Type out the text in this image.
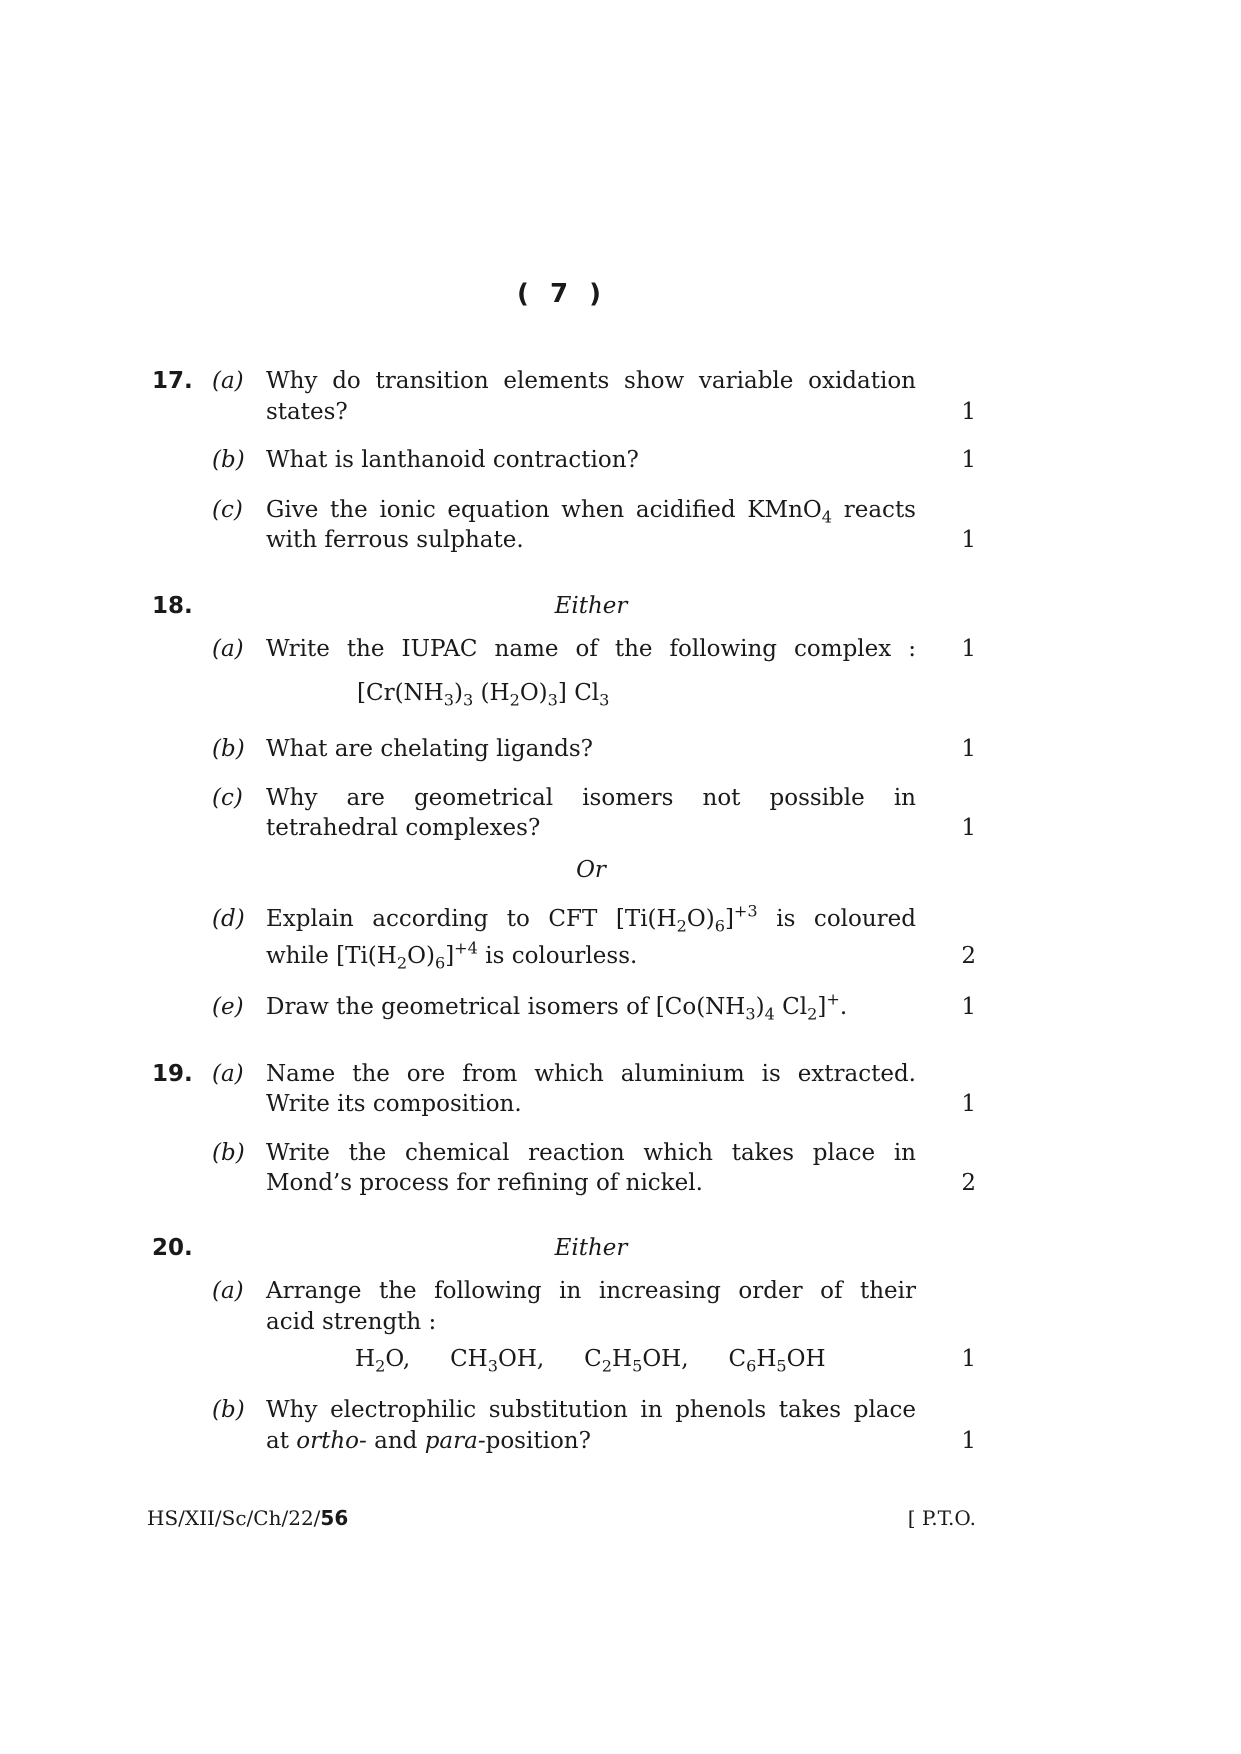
( 7 )
17. (a) Why do transition elements show variable oxidation
states?	1
(b) What is lanthanoid contraction?	1
(c)	Give the ionic equation when acidified KMnO$_4$ reacts
with ferrous sulphate.	1
18.	Either
(a) Write the IUPAC name of the following complex :	1
[$Cr(NH_3)_3$ $(H_2O)_3$] $Cl_3$
(b) What are chelating ligands?	1
(c)	Why are geometrical isomers not possible in
tetrahedral complexes?	1
Or
(d) Explain according to CFT $[Ti(H_2O)_6]^{+3}$ is coloured
while $[Ti(H_2O)_6]^{+4}$ is colourless.	2
(e) Draw the geometrical isomers of [$Co(NH_3)_4$ $Cl_2]^+$.	1
19. (a) Name the ore from which aluminium is extracted.
Write its composition.	1
(b) Write the chemical reaction which takes place in
Mond’s process for refining of nickel.	2
20.	Either
(a) Arrange the following in increasing order of their
acid strength :
$H_2O$,   $CH_3OH$,   $C_2H_5OH$,   $C_6H_5OH$	1
(b) Why electrophilic substitution in phenols takes place
at ortho- and para-position?	1
HS/XII/Sc/Ch/22/56	[ P.T.O.
